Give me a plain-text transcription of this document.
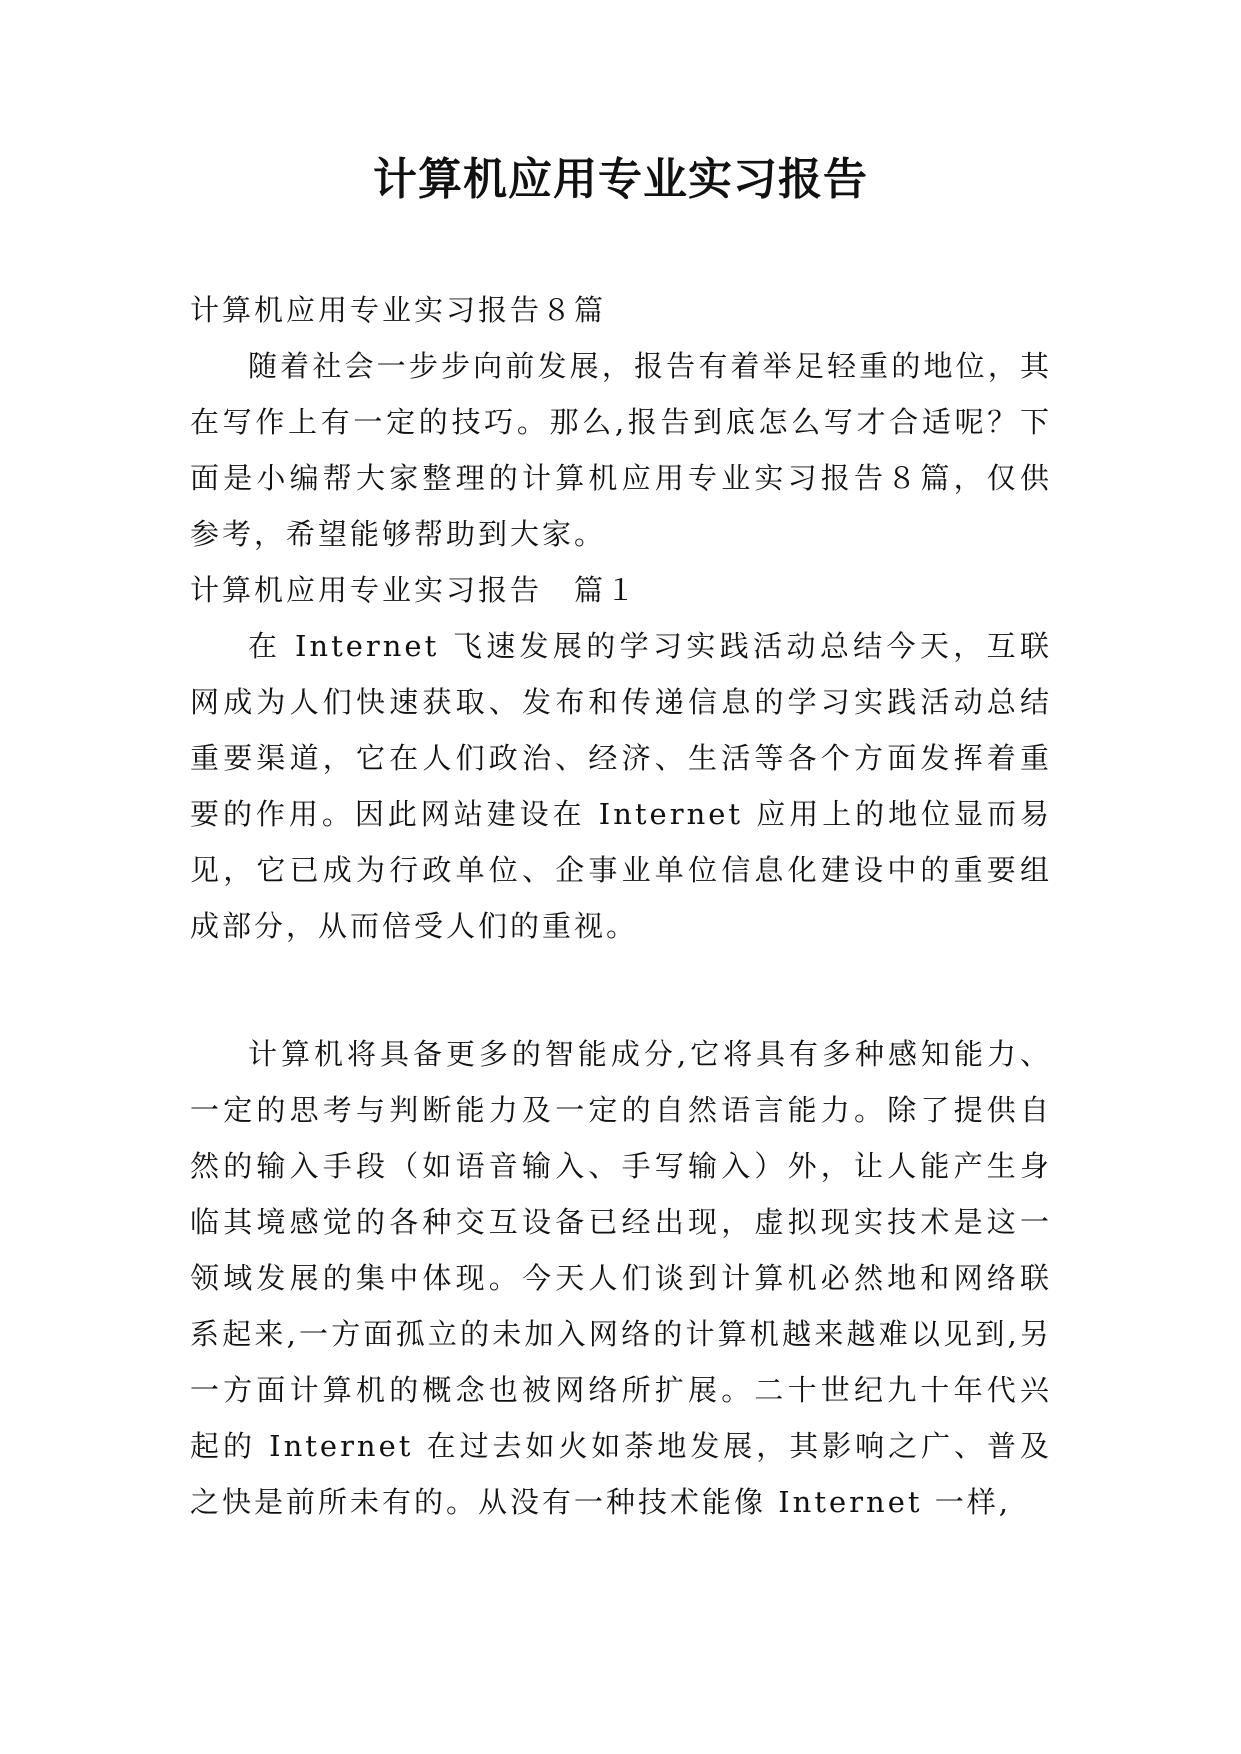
计算机应用专业实习报告

计算机应用专业实习报告８篇

随着社会一步步向前发展，报告有着举足轻重的地位，其在写作上有一定的技巧。那么,报告到底怎么写才合适呢？下面是小编帮大家整理的计算机应用专业实习报告８篇，仅供参考，希望能够帮助到大家。

计算机应用专业实习报告　篇１

在 Internet 飞速发展的学习实践活动总结今天，互联网成为人们快速获取、发布和传递信息的学习实践活动总结重要渠道，它在人们政治、经济、生活等各个方面发挥着重要的作用。因此网站建设在 Internet 应用上的地位显而易见，它已成为行政单位、企事业单位信息化建设中的重要组成部分，从而倍受人们的重视。

计算机将具备更多的智能成分,它将具有多种感知能力、一定的思考与判断能力及一定的自然语言能力。除了提供自然的输入手段（如语音输入、手写输入）外，让人能产生身临其境感觉的各种交互设备已经出现，虚拟现实技术是这一领域发展的集中体现。今天人们谈到计算机必然地和网络联系起来,一方面孤立的未加入网络的计算机越来越难以见到,另一方面计算机的概念也被网络所扩展。二十世纪九十年代兴起的 Internet 在过去如火如荼地发展，其影响之广、普及之快是前所未有的。从没有一种技术能像 Internet 一样,
